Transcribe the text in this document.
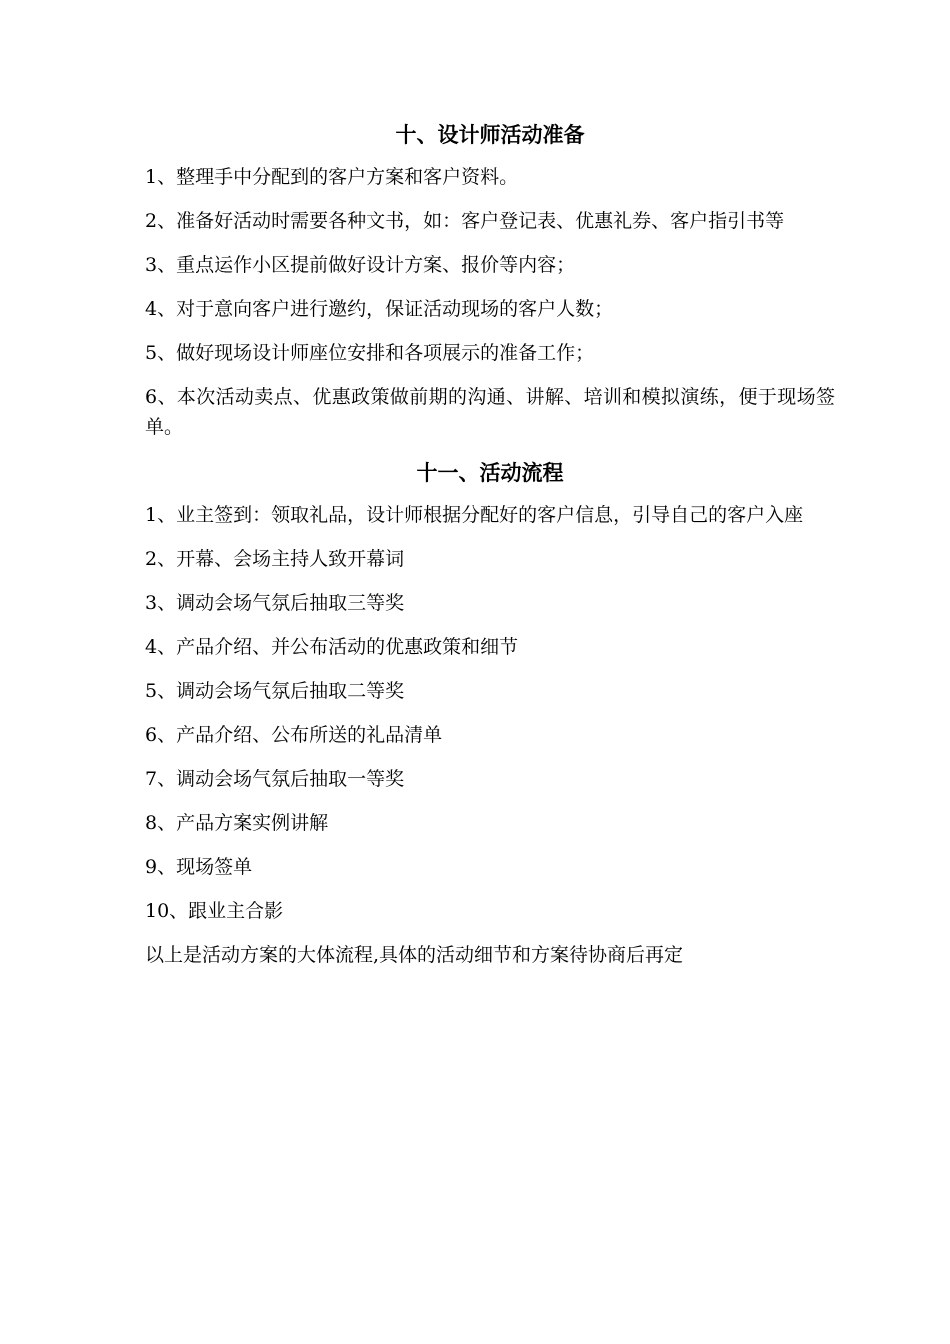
十、设计师活动准备

1、整理手中分配到的客户方案和客户资料。

2、准备好活动时需要各种文书，如：客户登记表、优惠礼券、客户指引书等

3、重点运作小区提前做好设计方案、报价等内容；

4、对于意向客户进行邀约，保证活动现场的客户人数；

5、做好现场设计师座位安排和各项展示的准备工作；

6、本次活动卖点、优惠政策做前期的沟通、讲解、培训和模拟演练，便于现场签单。

十一、活动流程

1、业主签到：领取礼品，设计师根据分配好的客户信息，引导自己的客户入座

2、开幕、会场主持人致开幕词

3、调动会场气氛后抽取三等奖

4、产品介绍、并公布活动的优惠政策和细节

5、调动会场气氛后抽取二等奖

6、产品介绍、公布所送的礼品清单

7、调动会场气氛后抽取一等奖

8、产品方案实例讲解

9、现场签单

10、跟业主合影

以上是活动方案的大体流程,具体的活动细节和方案待协商后再定
